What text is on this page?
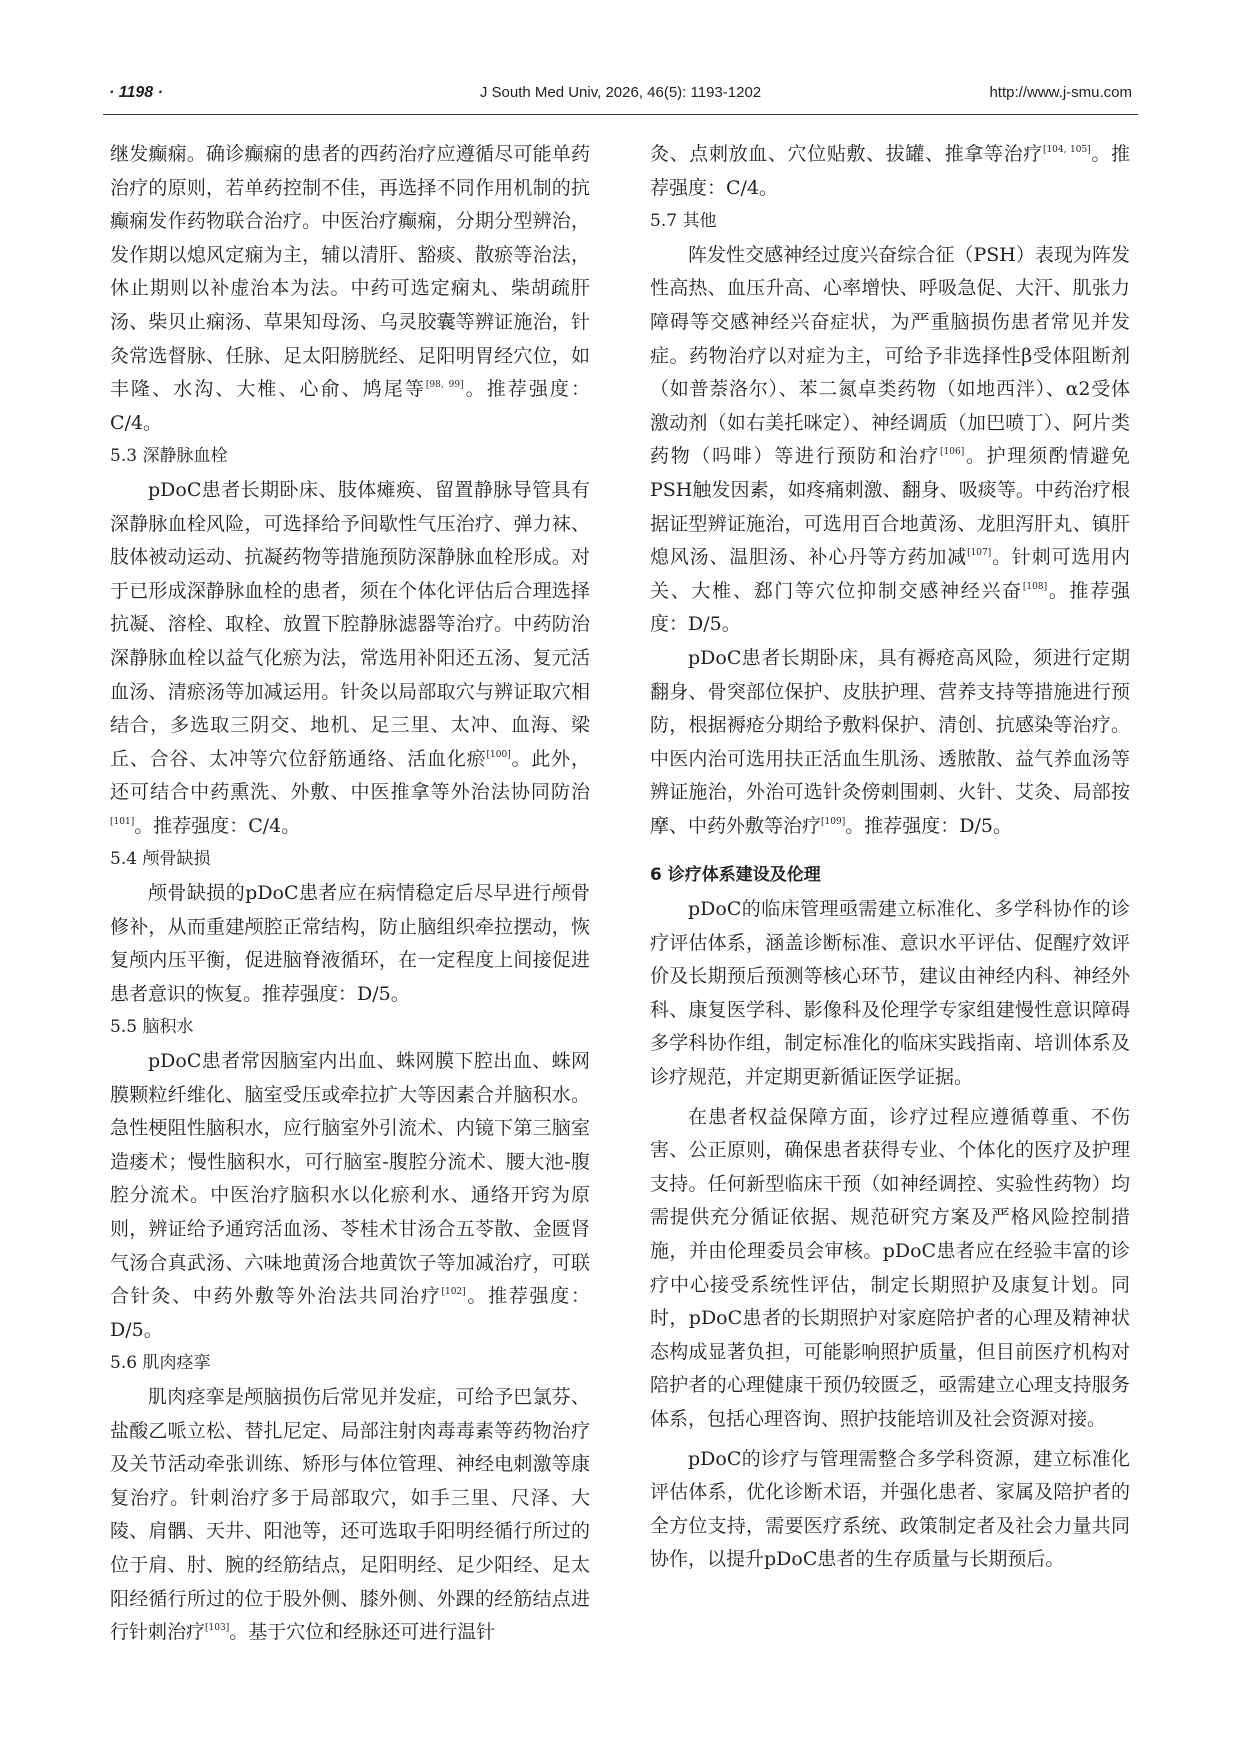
· 1198 ·	J South Med Univ, 2026, 46(5): 1193-1202	http://www.j-smu.com

继发癫痫。确诊癫痫的患者的西药治疗应遵循尽可能单药治疗的原则，若单药控制不佳，再选择不同作用机制的抗癫痫发作药物联合治疗。中医治疗癫痫，分期分型辨治，发作期以熄风定痫为主，辅以清肝、豁痰、散瘀等治法，休止期则以补虚治本为法。中药可选定痫丸、柴胡疏肝汤、柴贝止痫汤、草果知母汤、乌灵胶囊等辨证施治，针灸常选督脉、任脉、足太阳膀胱经、足阳明胃经穴位，如丰隆、水沟、大椎、心俞、鸠尾等[98, 99]。推荐强度：C/4。

5.3 深静脉血栓

pDoC患者长期卧床、肢体瘫痪、留置静脉导管具有深静脉血栓风险，可选择给予间歇性气压治疗、弹力袜、肢体被动运动、抗凝药物等措施预防深静脉血栓形成。对于已形成深静脉血栓的患者，须在个体化评估后合理选择抗凝、溶栓、取栓、放置下腔静脉滤器等治疗。中药防治深静脉血栓以益气化瘀为法，常选用补阳还五汤、复元活血汤、清瘀汤等加减运用。针灸以局部取穴与辨证取穴相结合，多选取三阴交、地机、足三里、太冲、血海、梁丘、合谷、太冲等穴位舒筋通络、活血化瘀[100]。此外，还可结合中药熏洗、外敷、中医推拿等外治法协同防治[101]。推荐强度：C/4。

5.4 颅骨缺损

颅骨缺损的pDoC患者应在病情稳定后尽早进行颅骨修补，从而重建颅腔正常结构，防止脑组织牵拉摆动，恢复颅内压平衡，促进脑脊液循环，在一定程度上间接促进患者意识的恢复。推荐强度：D/5。

5.5 脑积水

pDoC患者常因脑室内出血、蛛网膜下腔出血、蛛网膜颗粒纤维化、脑室受压或牵拉扩大等因素合并脑积水。急性梗阻性脑积水，应行脑室外引流术、内镜下第三脑室造瘘术；慢性脑积水，可行脑室-腹腔分流术、腰大池-腹腔分流术。中医治疗脑积水以化瘀利水、通络开窍为原则，辨证给予通窍活血汤、苓桂术甘汤合五苓散、金匮肾气汤合真武汤、六味地黄汤合地黄饮子等加减治疗，可联合针灸、中药外敷等外治法共同治疗[102]。推荐强度：D/5。

5.6 肌肉痉挛

肌肉痉挛是颅脑损伤后常见并发症，可给予巴氯芬、盐酸乙哌立松、替扎尼定、局部注射肉毒毒素等药物治疗及关节活动牵张训练、矫形与体位管理、神经电刺激等康复治疗。针刺治疗多于局部取穴，如手三里、尺泽、大陵、肩髃、天井、阳池等，还可选取手阳明经循行所过的位于肩、肘、腕的经筋结点，足阳明经、足少阳经、足太阳经循行所过的位于股外侧、膝外侧、外踝的经筋结点进行针刺治疗[103]。基于穴位和经脉还可进行温针

灸、点刺放血、穴位贴敷、拔罐、推拿等治疗[104, 105]。推荐强度：C/4。

5.7 其他

阵发性交感神经过度兴奋综合征（PSH）表现为阵发性高热、血压升高、心率增快、呼吸急促、大汗、肌张力障碍等交感神经兴奋症状，为严重脑损伤患者常见并发症。药物治疗以对症为主，可给予非选择性β受体阻断剂（如普萘洛尔）、苯二氮卓类药物（如地西泮）、α2受体激动剂（如右美托咪定）、神经调质（加巴喷丁）、阿片类药物（吗啡）等进行预防和治疗[106]。护理须酌情避免PSH触发因素，如疼痛刺激、翻身、吸痰等。中药治疗根据证型辨证施治，可选用百合地黄汤、龙胆泻肝丸、镇肝熄风汤、温胆汤、补心丹等方药加减[107]。针刺可选用内关、大椎、郄门等穴位抑制交感神经兴奋[108]。推荐强度：D/5。

pDoC患者长期卧床，具有褥疮高风险，须进行定期翻身、骨突部位保护、皮肤护理、营养支持等措施进行预防，根据褥疮分期给予敷料保护、清创、抗感染等治疗。中医内治可选用扶正活血生肌汤、透脓散、益气养血汤等辨证施治，外治可选针灸傍刺围刺、火针、艾灸、局部按摩、中药外敷等治疗[109]。推荐强度：D/5。

6 诊疗体系建设及伦理

pDoC的临床管理亟需建立标准化、多学科协作的诊疗评估体系，涵盖诊断标准、意识水平评估、促醒疗效评价及长期预后预测等核心环节，建议由神经内科、神经外科、康复医学科、影像科及伦理学专家组建慢性意识障碍多学科协作组，制定标准化的临床实践指南、培训体系及诊疗规范，并定期更新循证医学证据。

在患者权益保障方面，诊疗过程应遵循尊重、不伤害、公正原则，确保患者获得专业、个体化的医疗及护理支持。任何新型临床干预（如神经调控、实验性药物）均需提供充分循证依据、规范研究方案及严格风险控制措施，并由伦理委员会审核。pDoC患者应在经验丰富的诊疗中心接受系统性评估，制定长期照护及康复计划。同时，pDoC患者的长期照护对家庭陪护者的心理及精神状态构成显著负担，可能影响照护质量，但目前医疗机构对陪护者的心理健康干预仍较匮乏，亟需建立心理支持服务体系，包括心理咨询、照护技能培训及社会资源对接。

pDoC的诊疗与管理需整合多学科资源，建立标准化评估体系，优化诊断术语，并强化患者、家属及陪护者的全方位支持，需要医疗系统、政策制定者及社会力量共同协作，以提升pDoC患者的生存质量与长期预后。
